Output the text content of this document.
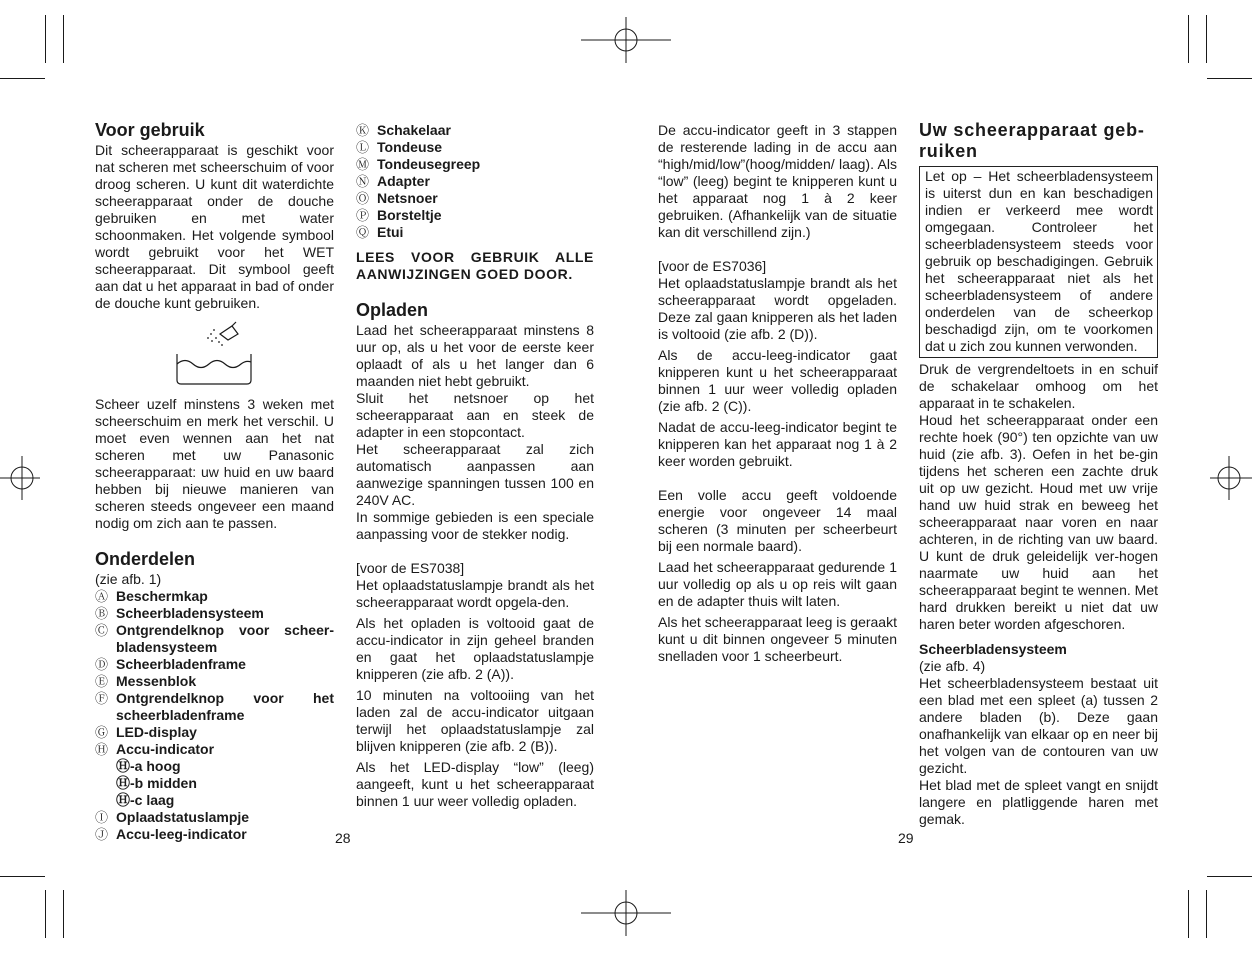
Voor gebruik

Dit scheerapparaat is geschikt voor nat scheren met scheerschuim of voor droog scheren. U kunt dit waterdichte scheerapparaat onder de douche gebruiken en met water schoonmaken. Het volgende symbool wordt gebruikt voor het WET scheerapparaat. Dit symbool geeft aan dat u het apparaat in bad of onder de douche kunt gebruiken.

Scheer uzelf minstens 3 weken met scheerschuim en merk het verschil. U moet even wennen aan het nat scheren met uw Panasonic scheerapparaat: uw huid en uw baard hebben bij nieuwe manieren van scheren steeds ongeveer een maand nodig om zich aan te passen.

Onderdelen
(zie afb. 1)
Ⓐ Beschermkap
Ⓑ Scheerbladensysteem
Ⓒ Ontgrendelknop voor scheer-bladensysteem
Ⓓ Scheerbladenframe
Ⓔ Messenblok
Ⓕ Ontgrendelknop voor het scheerbladenframe
Ⓖ LED-display
Ⓗ Accu-indicator
Ⓗ-a hoog
Ⓗ-b midden
Ⓗ-c laag
Ⓘ Oplaadstatuslampje
Ⓙ Accu-leeg-indicator
Ⓚ Schakelaar
Ⓛ Tondeuse
Ⓜ Tondeusegreep
Ⓝ Adapter
Ⓞ Netsnoer
Ⓟ Borsteltje
Ⓠ Etui

LEES VOOR GEBRUIK ALLE AANWIJZINGEN GOED DOOR.

Opladen

Laad het scheerapparaat minstens 8 uur op, als u het voor de eerste keer oplaadt of als u het langer dan 6 maanden niet hebt gebruikt.

Sluit het netsnoer op het scheerapparaat aan en steek de adapter in een stopcontact.

Het scheerapparaat zal zich automatisch aanpassen aan aanwezige spanningen tussen 100 en 240V AC.

In sommige gebieden is een speciale aanpassing voor de stekker nodig.

[voor de ES7038]

Het oplaadstatuslampje brandt als het scheerapparaat wordt opgela-den.

Als het opladen is voltooid gaat de accu-indicator in zijn geheel branden en gaat het oplaadstatuslampje knipperen (zie afb. 2 (A)).

10 minuten na voltooiing van het laden zal de accu-indicator uitgaan terwijl het oplaadstatuslampje zal blijven knipperen (zie afb. 2 (B)).

Als het LED-display “low” (leeg) aangeeft, kunt u het scheerapparaat binnen 1 uur weer volledig opladen.

28

De accu-indicator geeft in 3 stappen de resterende lading in de accu aan “high/mid/low”(hoog/midden/ laag). Als “low” (leeg) begint te knipperen kunt u het apparaat nog 1 à 2 keer gebruiken. (Afhankelijk van de situatie kan dit verschillend zijn.)

[voor de ES7036]

Het oplaadstatuslampje brandt als het scheerapparaat wordt opgeladen. Deze zal gaan knipperen als het laden is voltooid (zie afb. 2 (D)).

Als de accu-leeg-indicator gaat knipperen kunt u het scheerapparaat binnen 1 uur weer volledig opladen (zie afb. 2 (C)).

Nadat de accu-leeg-indicator begint te knipperen kan het apparaat nog 1 à 2 keer worden gebruikt.

Een volle accu geeft voldoende energie voor ongeveer 14 maal scheren (3 minuten per scheerbeurt bij een normale baard).

Laad het scheerapparaat gedurende 1 uur volledig op als u op reis wilt gaan en de adapter thuis wilt laten.

Als het scheerapparaat leeg is geraakt kunt u dit binnen ongeveer 5 minuten snelladen voor 1 scheerbeurt.

Uw scheerapparaat geb-ruiken
Let op – Het scheerbladensysteem is uiterst dun en kan beschadigen indien er verkeerd mee wordt omgegaan. Controleer het scheerbladensysteem steeds voor gebruik op beschadigingen. Gebruik het scheerapparaat niet als het scheerbladensysteem of andere onderdelen van de scheerkop beschadigd zijn, om te voorkomen dat u zich zou kunnen verwonden.

Druk de vergrendeltoets in en schuif de schakelaar omhoog om het apparaat in te schakelen.

Houd het scheerapparaat onder een rechte hoek (90°) ten opzichte van uw huid (zie afb. 3). Oefen in het be-gin tijdens het scheren een zachte druk uit op uw gezicht. Houd met uw vrije hand uw huid strak en beweeg het scheerapparaat naar voren en naar achteren, in de richting van uw baard. U kunt de druk geleidelijk ver-hogen naarmate uw huid aan het scheerapparaat begint te wennen. Met hard drukken bereikt u niet dat uw haren beter worden afgeschoren.

Scheerbladensysteem
(zie afb. 4)

Het scheerbladensysteem bestaat uit een blad met een spleet (a) tussen 2 andere bladen (b). Deze gaan onafhankelijk van elkaar op en neer bij het volgen van de contouren van uw gezicht.

Het blad met de spleet vangt en snijdt langere en platliggende haren met gemak.

29
